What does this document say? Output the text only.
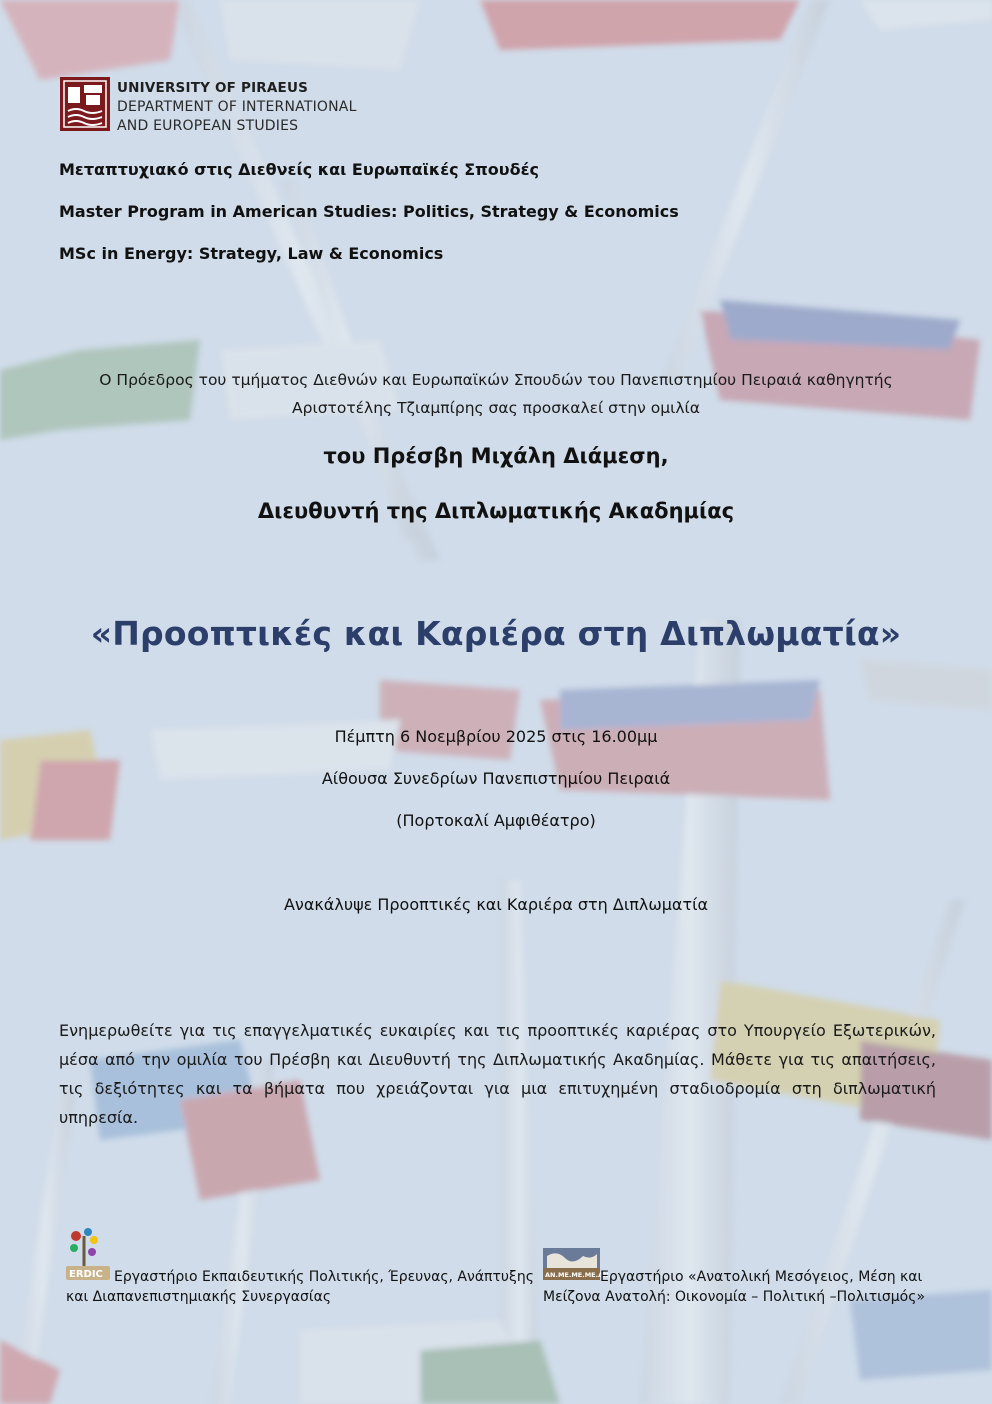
UNIVERSITY OF PIRAEUS
DEPARTMENT OF INTERNATIONAL
AND EUROPEAN STUDIES
Μεταπτυχιακό στις Διεθνείς και Ευρωπαϊκές Σπουδές
Master Program in American Studies: Politics, Strategy & Economics
MSc in Energy: Strategy, Law & Economics
Ο Πρόεδρος του τμήματος Διεθνών και Ευρωπαϊκών Σπουδών του Πανεπιστημίου Πειραιά καθηγητής
Αριστοτέλης Τζιαμπίρης σας προσκαλεί στην ομιλία
του Πρέσβη Μιχάλη Διάμεση,
Διευθυντή της Διπλωματικής Ακαδημίας
«Προοπτικές και Καριέρα στη Διπλωματία»
Πέμπτη 6 Νοεμβρίου 2025 στις 16.00μμ
Αίθουσα Συνεδρίων Πανεπιστημίου Πειραιά
(Πορτοκαλί Αμφιθέατρο)
Ανακάλυψε Προοπτικές και Καριέρα στη Διπλωματία
Ενημερωθείτε για τις επαγγελματικές ευκαιρίες και τις προοπτικές καριέρας στο Υπουργείο Εξωτερικών, μέσα από την ομιλία του Πρέσβη και Διευθυντή της Διπλωματικής Ακαδημίας. Μάθετε για τις απαιτήσεις, τις δεξιότητες και τα βήματα που χρειάζονται για μια επιτυχημένη σταδιοδρομία στη διπλωματική υπηρεσία.
ERDIC Εργαστήριο Εκπαιδευτικής Πολιτικής, Έρευνας, Ανάπτυξης
και Διαπανεπιστημιακής Συνεργασίας
ΑΝ.ΜΕ.ΜΕ.ΜΕ.ΑΝ.
Εργαστήριο «Ανατολική Μεσόγειος, Μέση και
Μείζονα Ανατολή: Οικονομία – Πολιτική –Πολιτισμός»
